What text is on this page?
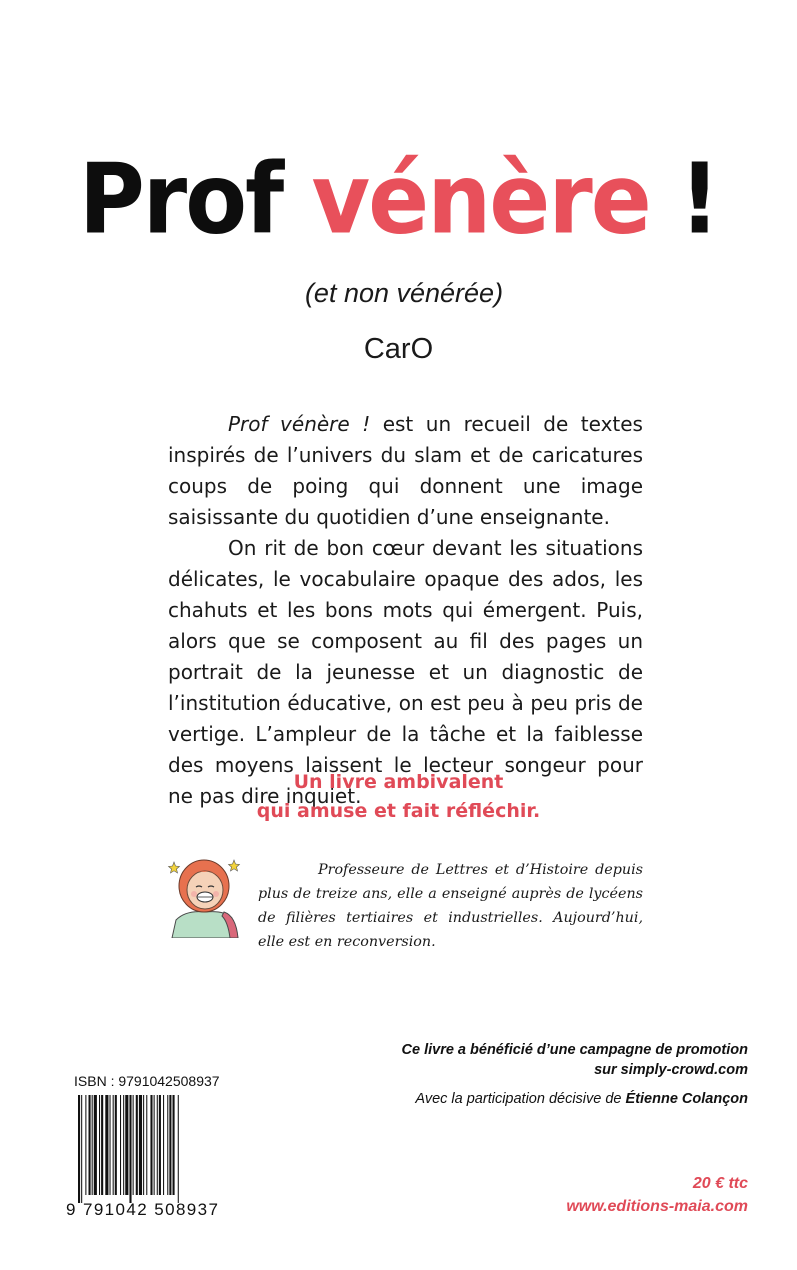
Prof vénère !
(et non vénérée)
CarO

Prof vénère ! est un recueil de textes inspirés de l’univers du slam et de caricatures coups de poing qui donnent une image saisissante du quotidien d’une enseignante.

On rit de bon cœur devant les situations délicates, le vocabulaire opaque des ados, les chahuts et les bons mots qui émergent. Puis, alors que se composent au fil des pages un portrait de la jeunesse et un diagnostic de l’institution éducative, on est peu à peu pris de vertige. L’ampleur de la tâche et la faiblesse des moyens laissent le lecteur songeur pour ne pas dire inquiet.

Un livre ambivalent
qui amuse et fait réfléchir.

Professeure de Lettres et d’Histoire depuis plus de treize ans, elle a enseigné auprès de lycéens de filières tertiaires et industrielles. Aujourd’hui, elle est en reconversion.

Ce livre a bénéficié d’une campagne de promotion
sur simply-crowd.com
Avec la participation décisive de Étienne Colançon
ISBN : 9791042508937
9 791042 508937
20 € ttc
www.editions-maia.com
